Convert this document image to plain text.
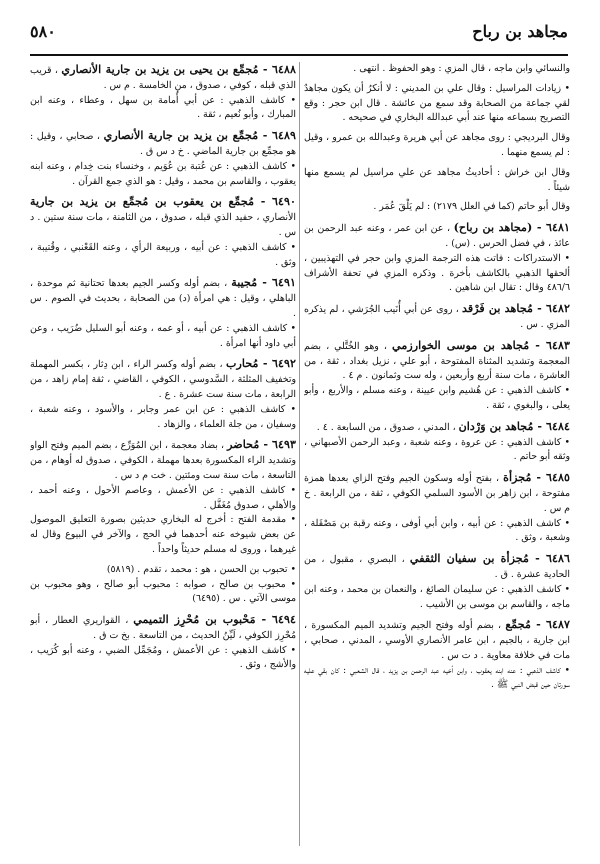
مجاهد بن رباح
٥٨٠
والنسائي وابن ماجه ، قال المزي : وهو الحفوظ . انتهى .
• زيادات المراسيل : وقال علي بن المديني : لا أنكرُ أن يكون مجاهدٌ لقي جماعة من الصحابة وقد سمع من عائشة . قال ابن حجر : وقع التصريح بسماعه منها عند أبي عبدالله البخاري في صحيحه .
وقال البرديجي : روى مجاهد عن أبي هريرة وعبدالله بن عمرو ، وقيل : لم يسمع منهما .
وقال ابن خراش : أحاديثُ مجاهد عن علي مراسيل لم يسمع منها شيئاً .
وقال أبو حاتم (كما في العلل ٢١٧٩) : لم يَلْقَ عُمَر .
٦٤٨١ - (مجاهد بن رباح) ، عن ابن عمر ، وعنه عبد الرحمن بن عائذ ، في فضل الحرس . (س) .
• الاستدراكات : فاتت هذه الترجمة المزي وابن حجر في التهذيبين ، ألحقها الذهبي بالكاشف بأخرة . وذكره المزي في تحفة الأشراف ٤٨٦/٦ وقال : تقال ابن شاهين .
٦٤٨٢ - مُجاهد بن فَرْقد ، روى عن أبي أُنَيب الجُرَشي ، لم يذكره المزي . س .
٦٤٨٣ - مُجاهد بن موسى الخوارزمي ، وهو الخُتَّلي ، بضم المعجمة وتشديد المثناة المفتوحة ، أبو علي ، نزيل بغداد ، ثقة ، من العاشرة ، مات سنة أربع وأربعين ، وله ست وثمانون . م ٤ .
• كاشف الذهبي : عن هُشيم وابن عيينة ، وعنه مسلم ، والأربع ، وأبو يعلى ، والبغوي ، ثقة .
٦٤٨٤ - مُجاهد بن وَرْدان ، المدني ، صدوق ، من السابعة . ٤ .
• كاشف الذهبي : عن عروة ، وعنه شعبة ، وعبد الرحمن الأصبهاني ، وثقه أبو حاتم .
٦٤٨٥ - مُجزأة ، بفتح أوله وسكون الجيم وفتح الزاي بعدها همزة مفتوحة ، ابن زاهر بن الأسود السلمي الكوفي ، ثقة ، من الرابعة . خ م س .
• كاشف الذهبي : عن أبيه ، وابن أبي أوفى ، وعنه رقبة بن مَصْقَلة ، وشعبة ، وثق .
٦٤٨٦ - مُجزأة بن سفيان الثقفي ، البصري ، مقبول ، من الحادية عشرة . ق .
• كاشف الذهبي : عن سليمان الصائغ ، والنعمان بن محمد ، وعنه ابن ماجه ، والقاسم بن موسى بن الأشيب .
٦٤٨٧ - مُجمِّع ، بضم أوله وفتح الجيم وتشديد الميم المكسورة ، ابن جارية ، بالجيم ، ابن عامر الأنصاري الأوسي ، المدني ، صحابي ، مات في خلافة معاوية . د ت س .
• كاشف الذهبي : عنه ابنه يعقوب ، وابن أخيه عبد الرحمن بن يزيد ، قال الشعبي : كان بقي عليه سورتان حين قبض النبي ﷺ .
٦٤٨٨ - مُجمِّع بن يحيى بن يزيد بن جارية الأنصاري ، قريب الذي قبله ، كوفي ، صدوق ، من الخامسة . م س .
• كاشف الذهبي : عن أبي أُمامة بن سهل ، وعطاء ، وعنه ابن المبارك ، وأبو نُعيم ، ثقة .
٦٤٨٩ - مُجمِّع بن يزيد بن جارية الأنصاري ، صحابي ، وقيل : هو مجمِّع بن جارية الماضي . خ د س ق .
• كاشف الذهبي : عن عُتبة بن عُوَيم ، وخنساء بنت خِدام ، وعنه ابنه يعقوب ، والقاسم بن محمد ، وقيل : هو الذي جمع القرآن .
٦٤٩٠ - مُجمِّع بن يعقوب بن مُجمِّع بن يزيد بن جارية الأنصاري ، حفيد الذي قبله ، صدوق ، من الثامنة ، مات سنة ستين . د س .
• كاشف الذهبي : عن أبيه ، وربيعة الرأي ، وعنه القَعْنبي ، وقُتيبة ، وثق .
٦٤٩١ - مُجيبة ، بضم أوله وكسر الجيم بعدها تحتانية ثم موحدة ، الباهلي ، وقيل : هي امرأة (د) من الصحابة ، بحديث في الصوم . س .
• كاشف الذهبي : عن أبيه ، أو عمه ، وعنه أبو السليل ضُرَيب ، وعن أبي داود أنها امرأة .
٦٤٩٢ - مُحارب ، بضم أوله وكسر الراء ، ابن دِثار ، بكسر المهملة وتخفيف المثلثة ، السَّدوسي ، الكوفي ، القاضي ، ثقة إمام زاهد ، من الرابعة ، مات سنة ست عشرة . ع .
• كاشف الذهبي : عن ابن عمر وجابر ، والأسود ، وعنه شعبة ، وسفيان ، من جلة العلماء ، والزهاد .
٦٤٩٣ - مُحاضر ، بضاد معجمة ، ابن المُوَرِّع ، بضم الميم وفتح الواو وتشديد الراء المكسورة بعدها مهملة ، الكوفي ، صدوق له أوهام ، من التاسعة ، مات سنة ست ومئتين . خت م د س .
• كاشف الذهبي : عن الأعمش ، وعاصم الأحول ، وعنه أحمد ، والأهلي ، صدوق مُغَفَّل .
• مقدمة الفتح : أخرج له البخاري حديثين بصورة التعليق الموصول عن بعض شيوخه عنه أحدهما في الحج ، والآخر في البيوع وقال له غيرهما ، وروى له مسلم حديثاً واحداً .
• تحبوب بن الحسن ، هو : محمد ، تقدم . (٥٨١٩)
• محبوب بن صالح ، صوابه : محبوب أبو صالح ، وهو محبوب بن موسى الآتي . س . (٦٤٩٥)
٦٤٩٤ - مَحْبوب بن مُحْرِز التميمي ، القواريري العطار ، أبو مُحْرِز الكوفي ، لَيِّنُ الحديث ، من التاسعة . بخ ت ق .
• كاشف الذهبي : عن الأعمش ، ومُجَمِّل الضبي ، وعنه أبو كُرَيب ، والأشج ، وثق .
